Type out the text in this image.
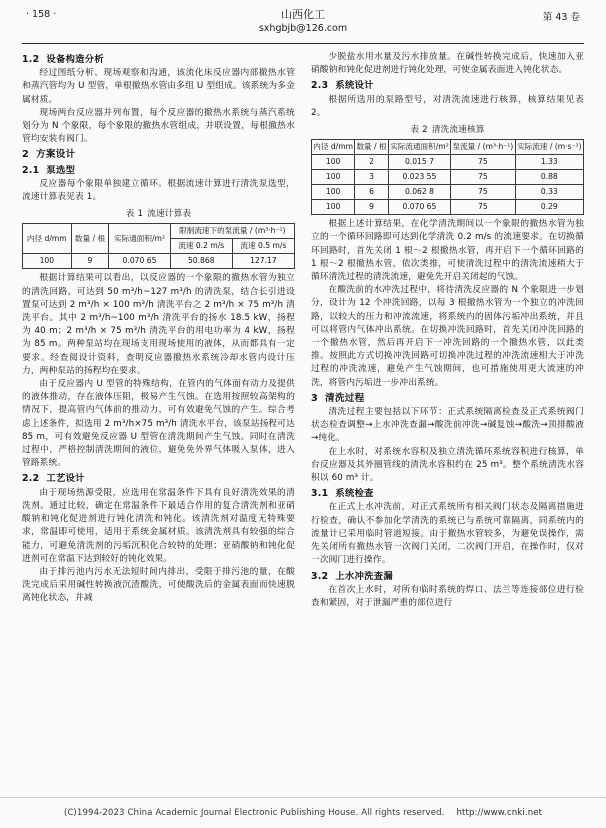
· 158 ·	山西化工
sxhgbjb@126.com
第 43 卷
1.2 设备构造分析

经过图纸分析、现场观察和沟通，该流化床反应器内部撤热水管和蒸汽管均为 U 型管，单根撤热水管由多组 U 型组成。该系统为多金属材质。

现场两台反应器并列布置，每个反应器的撤热水系统与蒸汽系统划分为 N 个象限，每个象限的撤热水管组成，并联设置，每根撤热水管均安装有阀门。

2 方案设计
2.1 泵选型

反应器每个象限单独建立循环。根据流速计算进行清洗泵选型，流速计算表见表 1。

表 1 流速计算表
内径 d/mm	数量 / 根	实际通面积/m²	限制流速下的泵流量 / (m³·h⁻¹)	
			流速 0.2 m/s	流速 0.5 m/s
100	9	0.070 65	50.868	127.17

根据计算结果可以看出，以反应器的一个象限的撤热水管为独立的清洗回路，可达到 50 m³/h~127 m³/h 的清洗泵，结合长引进设置泵可达到 2 m³/h × 100 m³/h 清洗平台之 2 m³/h × 75 m³/h 清洗平台。其中 2 m³/h~100 m³/h 清洗平台的扬水 18.5 kW，扬程为 40 m；2 m³/h × 75 m³/h 清洗平台的用电功率为 4 kW，扬程为 85 m。两种泵站均在现场支用现场使用的液体，从而都具有一定要求。经查阅设计资料，查明反应器撤热水系统冷却水管内设计压力，两种泵站的扬程均在要求。

由于反应器内 U 型管的特殊结构，在管内的气体面有动力及提供的液体推动，存在液体压阻，极易产生气蚀。在选用按照较高架构的情况下，提高管内气体前的推动力，可有效避免气蚀的产生。综合考虑上述条件，拟选用 2 m³/h×75 m³/h 清洗水平台，该泵站扬程可达 85 m，可有效避免反应器 U 型管在清洗期间产生气蚀。同时在清洗过程中，严格控制清洗期间的液位，避免免外界气体吸入泵体，进入管路系统。

2.2 工艺设计

由于现场热源受限，应选用在常温条件下具有良好清洗效果的清洗剂。通过比较，确定在常温条件下最适合作用的复合清洗剂和亚硝酸钠和钝化促进剂进行钝化清洗和钝化。该清洗剂对温度无特殊要求，常温即可使用，适用于系统金属材质。该清洗剂具有较强的综合能力，可避免清洗剂的污垢沉积化合较特的处理；亚硝酸钠和钝化促进剂可在常温下达到较好的钝化效果。

由于排污池内污水无法短时间内排出，受限于排污池的量，在酸洗完成后采用碱性转换液沉渣酸洗，可使酸洗后的金属表面而快速脱离钝化状态，并减

少脱盐水用水量及污水排放量。在碱性转换完成后，快速加入亚硝酸钠和钝化促进剂进行钝化处理，可使金属表面进入钝化状态。

2.3 系统设计

根据所选用的泵路型号，对清洗流速进行核算，核算结果见表 2。

表 2 清洗流速核算
内径 d/mm	数量 / 根	实际流通面积/m²	泵流量 / (m³·h⁻¹)	实际流速 / (m·s⁻¹)
100	2	0.015 7	75	1.33
100	3	0.023 55	75	0.88
100	6	0.062 8	75	0.33
100	9	0.070 65	75	0.29

根据上述计算结果，在化学清洗期间以一个象限的撤热水管为独立的一个循环回路即可达到化学清洗 0.2 m/s 的流速要求。在切换循环回路时，首先关闭 1 根～2 根撤热水管，再开启下一个循环回路的 1 根～2 根撤热水管，依次类推，可使清洗过程中的清洗流速稍大于循环清洗过程的清洗流速，避免先开启关闭起的气蚀。

在酸洗前的水冲洗过程中，将待清洗反应器的 N 个象限进一步划分，设计为 12 个冲洗回路，以每 3 根撤热水管为一个独立的冲洗回路，以较大的压力和冲流流速，将系统内的固体污垢冲出系统，并且可以将管内气体冲出系统。在切换冲洗回路时，首先关闭冲洗回路的一个撤热水管，然后再开启下一冲洗回路的一个撤热水管，以此类推。按照此方式切换冲洗回路可切换冲洗过程的冲洗流速相大于冲洗过程的冲洗流速，避免产生气蚀期间，也可措施使用更大流速的冲洗，将管内污垢进一步冲出系统。

3 清洗过程

清洗过程主要包括以下环节：正式系统隔离检查及正式系统阀门状态检查调整→上水冲洗查漏→酸洗前冲洗→碱复蚀→酸洗→顶排酸液→纯化。

在上水时，对系统水容积及独立清洗循环系统容积进行核算，单台反应器及其外圈管线的清洗水容积约在 25 m³。整个系统清洗水容积以 60 m³ 计。

3.1 系统检查

在正式上水冲洗前，对正式系统所有相关阀门状态及隔离措施进行检查，确认不参加化学清洗的系统已与系统可靠隔离，同系统内的流量计已采用临时管道短接。由于撤热水管较多，为避免误操作，需先关闭所有撤热水管一次阀门关闭，二次阀门开启，在操作时，仅对一次阀门进行操作。

3.2 上水冲洗查漏

在首次上水时，对所有临时系统的焊口、法兰等连接部位进行检查和紧固，对于泄漏严重的部位进行

(C)1994-2023 China Academic Journal Electronic Publishing House. All rights reserved. http://www.cnki.net
